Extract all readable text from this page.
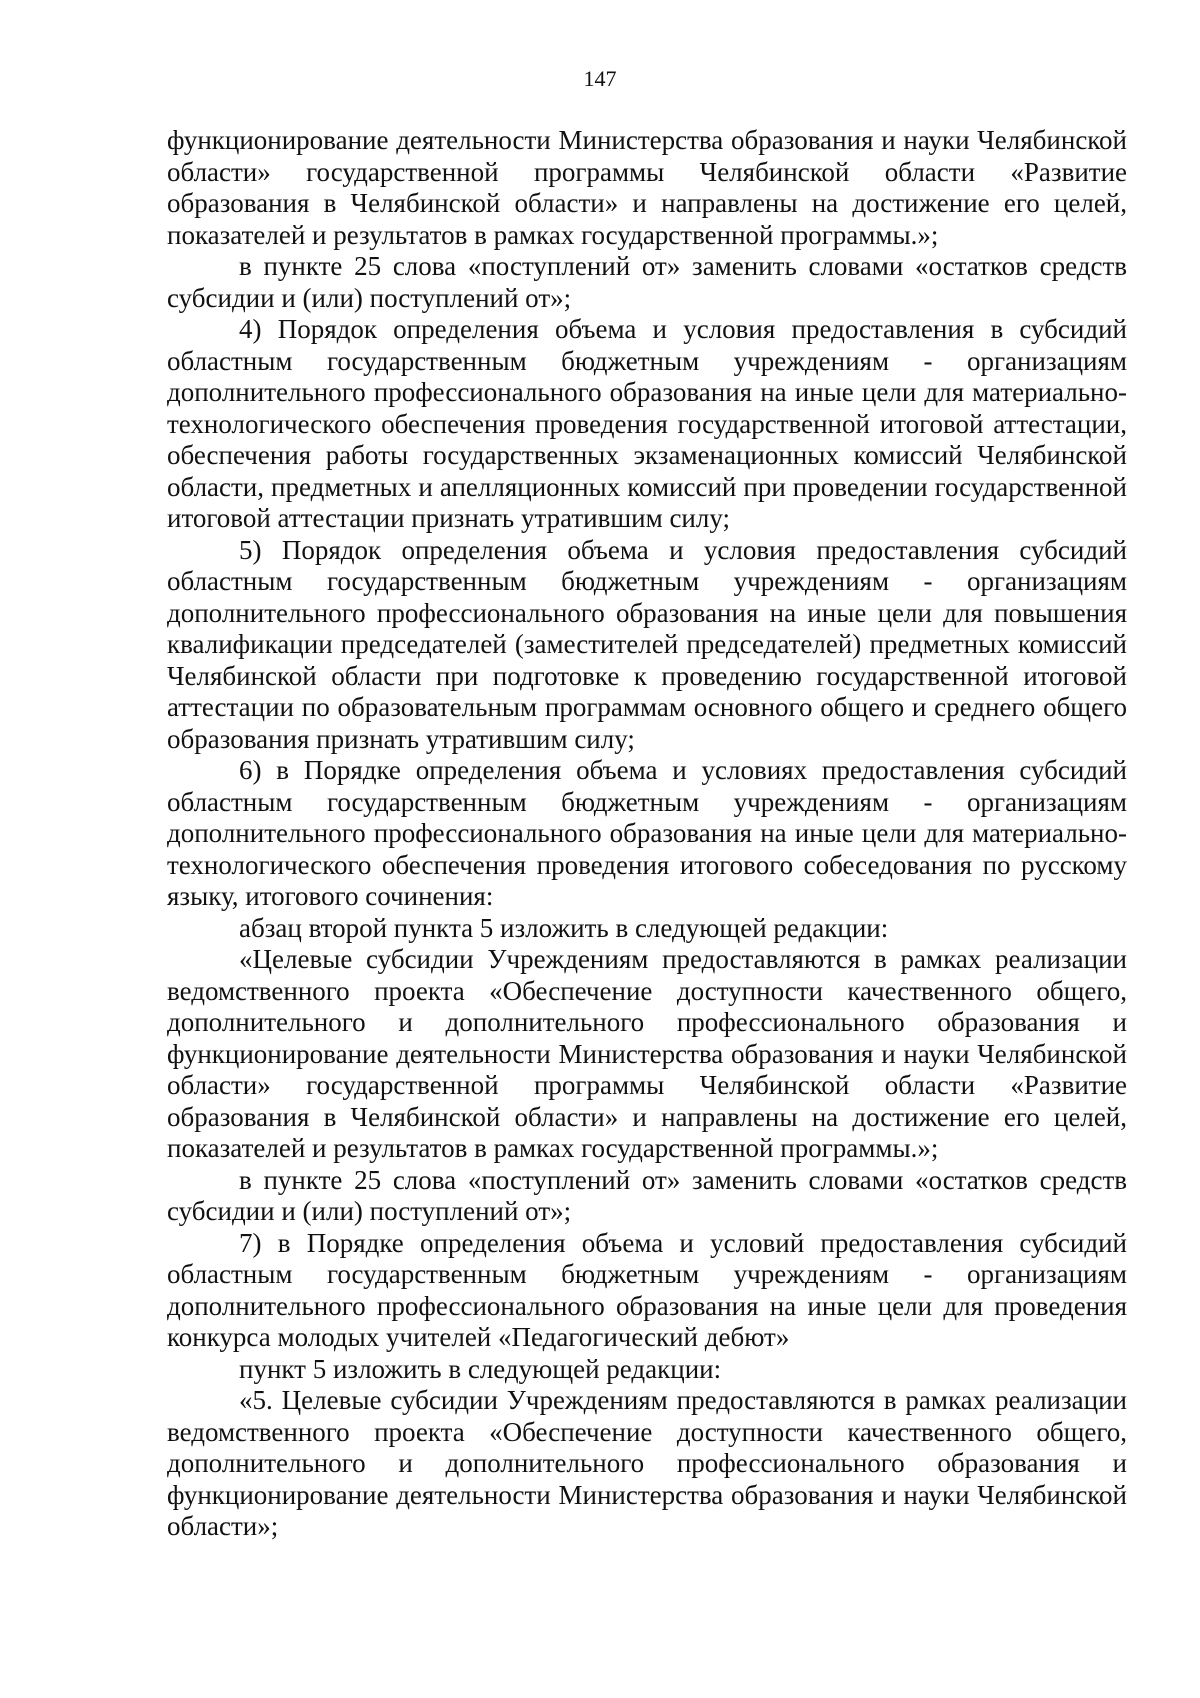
147

функционирование деятельности Министерства образования и науки Челябинской области» государственной программы Челябинской области «Развитие образования в Челябинской области» и направлены на достижение его целей, показателей и результатов в рамках государственной программы.»;

в пункте 25 слова «поступлений от» заменить словами «остатков средств субсидии и (или) поступлений от»;

4) Порядок определения объема и условия предоставления в субсидий областным государственным бюджетным учреждениям - организациям дополнительного профессионального образования на иные цели для материально-технологического обеспечения проведения государственной итоговой аттестации, обеспечения работы государственных экзаменационных комиссий Челябинской области, предметных и апелляционных комиссий при проведении государственной итоговой аттестации признать утратившим силу;

5) Порядок определения объема и условия предоставления субсидий областным государственным бюджетным учреждениям - организациям дополнительного профессионального образования на иные цели для повышения квалификации председателей (заместителей председателей) предметных комиссий Челябинской области при подготовке к проведению государственной итоговой аттестации по образовательным программам основного общего и среднего общего образования признать утратившим силу;

6) в Порядке определения объема и условиях предоставления субсидий областным государственным бюджетным учреждениям - организациям дополнительного профессионального образования на иные цели для материально-технологического обеспечения проведения итогового собеседования по русскому языку, итогового сочинения:

абзац второй пункта 5 изложить в следующей редакции:

«Целевые субсидии Учреждениям предоставляются в рамках реализации ведомственного проекта «Обеспечение доступности качественного общего, дополнительного и дополнительного профессионального образования и функционирование деятельности Министерства образования и науки Челябинской области» государственной программы Челябинской области «Развитие образования в Челябинской области» и направлены на достижение его целей, показателей и результатов в рамках государственной программы.»;

в пункте 25 слова «поступлений от» заменить словами «остатков средств субсидии и (или) поступлений от»;

7) в Порядке определения объема и условий предоставления субсидий областным государственным бюджетным учреждениям - организациям дополнительного профессионального образования на иные цели для проведения конкурса молодых учителей «Педагогический дебют»

пункт 5 изложить в следующей редакции:

«5. Целевые субсидии Учреждениям предоставляются в рамках реализации ведомственного проекта «Обеспечение доступности качественного общего, дополнительного и дополнительного профессионального образования и функционирование деятельности Министерства образования и науки Челябинской области»;
